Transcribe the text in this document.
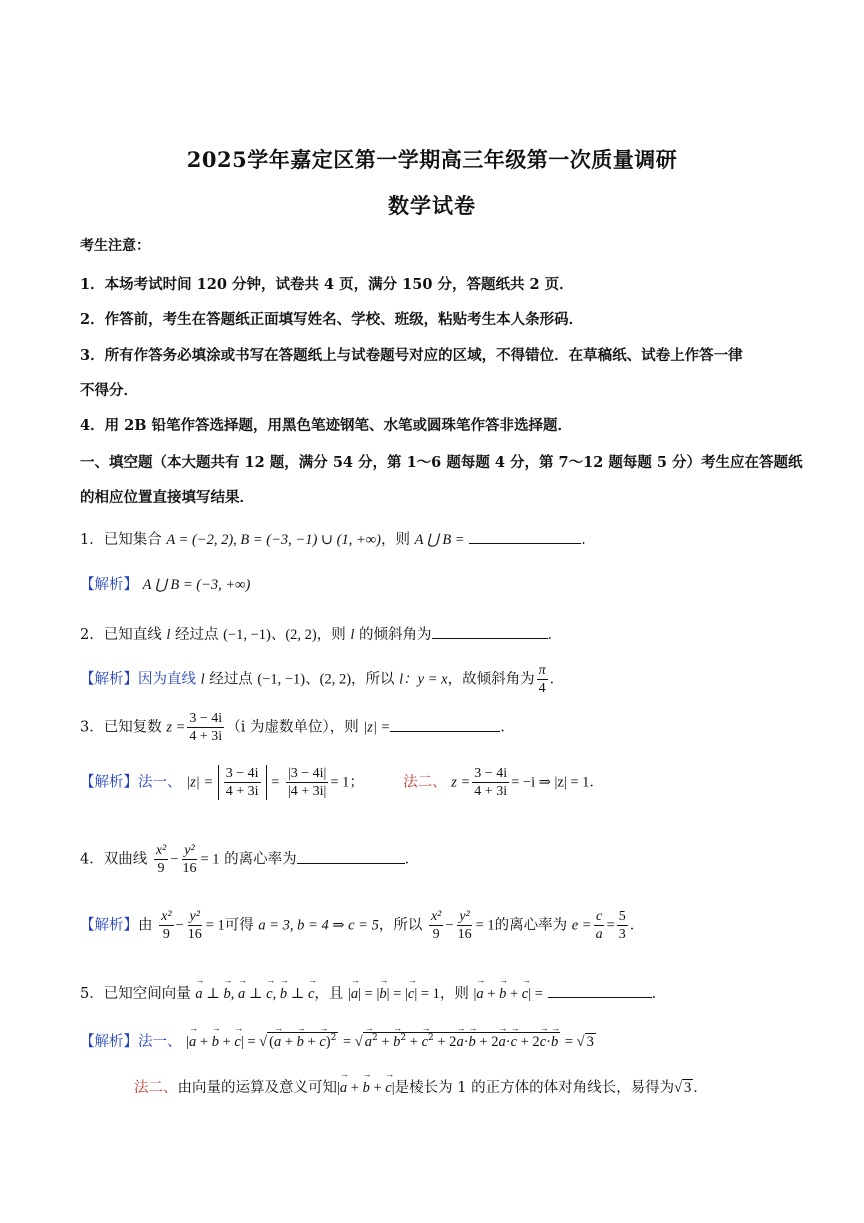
2025学年嘉定区第一学期高三年级第一次质量调研
数学试卷
考生注意：
1．本场考试时间 120 分钟，试卷共 4 页，满分 150 分，答题纸共 2 页．
2．作答前，考生在答题纸正面填写姓名、学校、班级，粘贴考生本人条形码．
3．所有作答务必填涂或书写在答题纸上与试卷题号对应的区域，不得错位．在草稿纸、试卷上作答一律
不得分．
4．用 2B 铅笔作答选择题，用黑色笔迹钢笔、水笔或圆珠笔作答非选择题．
一、填空题（本大题共有 12 题，满分 54 分，第 1～6 题每题 4 分，第 7～12 题每题 5 分）考生应在答题纸
的相应位置直接填写结果．
1．已知集合 A = (−2, 2), B = (−3, −1) ∪ (1, +∞)，则 A ⋃ B =	．
【解析】 A ⋃ B = (−3, +∞)
2．已知直线 l 经过点 (−1, −1)、(2, 2)，则 l 的倾斜角为	．
【解析】因为直线 l 经过点 (−1, −1)、(2, 2)，所以 l：y = x，故倾斜角为 $\frac{\pi}{4}$ ．
3．已知复数 $z = \frac{3 - 4i}{4 + 3i} (i$ 为虚数单位），则 |z| =	．
【解析】法一、 $|z| = \frac{3 - 4i}{4 + 3i} = \frac{|3 - 4i|}{|4 + 3i|} = 1$；	法二、 $z = \frac{3 - 4i}{4 + 3i} = -i$ ⇒ |z| = 1．
4．双曲线 $\frac{\text{x²}}{9} - \frac{\text{y²}}{16} = 1$ 的离心率为	．
【解析】由 $\frac{\text{x²}}{9} - \frac{\text{y²}}{16} = 1$可得 a = 3, b = 4 ⇒ c = 5，所以 $\frac{\text{x²}}{9} - \frac{\text{y²}}{16} = 1$的离心率为 $e = \frac{c}{a} = \frac{5}{3}$ ．
5．已知空间向量 → a ⊥ → b, → a ⊥ → c, → b ⊥ → c，且 |→ a| = |→ b| = |→ c| = 1，则 |→ a + → b + → c| =	．
【解析】法一、 |→ a + → b + → c| = √ (→ a + → b + → c)$^2$ = √→ $a^2$ + → $b^2$ + → $c^2 + 2\to a\cdot\to b + 2\to a\cdot\to c + 2\to c\cdot\to b$ = √ 3
法二、由向量的运算及意义可知|→ a + → b + → c|是棱长为 1 的正方体的体对角线长，易得为√ 3 ．
